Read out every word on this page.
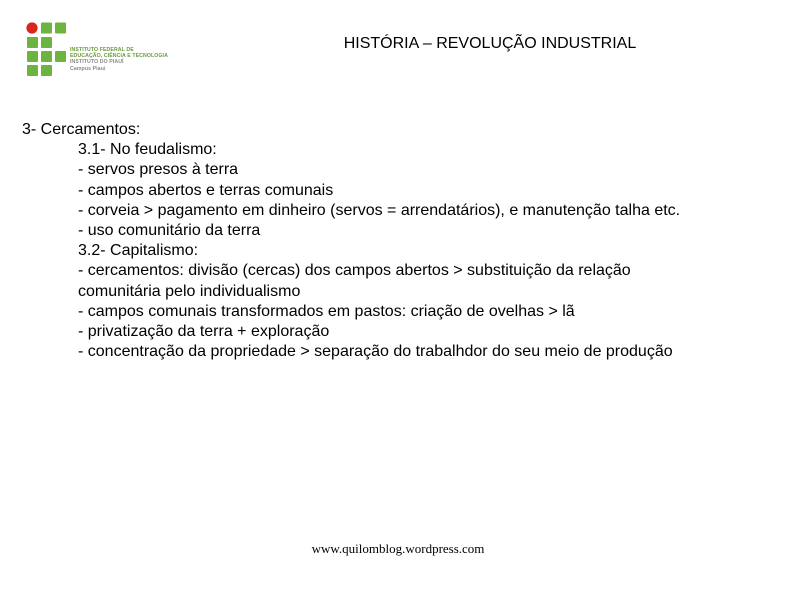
INSTITUTO FEDERAL DE
EDUCAÇÃO, CIÊNCIA E TECNOLOGIA
INSTITUTO DO PIAUÍ
Campus Piauí
HISTÓRIA – REVOLUÇÃO INDUSTRIAL
3- Cercamentos:
3.1- No feudalismo:
- servos presos à terra
- campos abertos e terras comunais
- corveia > pagamento em dinheiro (servos = arrendatários), e manutenção talha etc.
- uso comunitário da terra
3.2- Capitalismo:
- cercamentos: divisão (cercas) dos campos abertos > substituição da relação
comunitária pelo individualismo
- campos comunais transformados em pastos: criação de ovelhas > lã
- privatização da terra + exploração
- concentração da propriedade > separação do trabalhdor do seu meio de produção
www.quilomblog.wordpress.com
